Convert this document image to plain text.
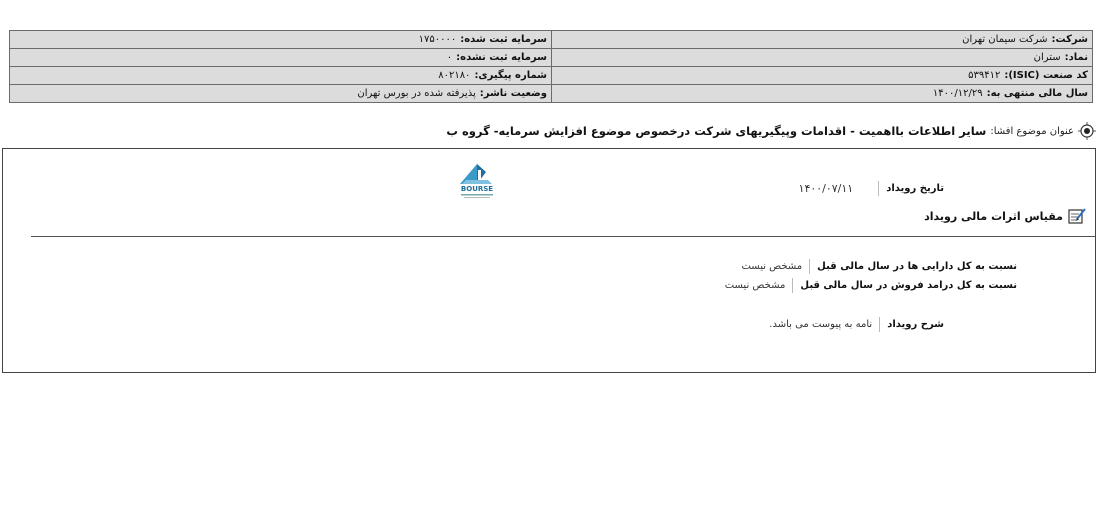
شرکت:شرکت سیمان تهران	سرمایه ثبت شده:۱۷۵۰۰۰۰
نماد:ستران	سرمایه ثبت نشده:۰
کد صنعت (ISIC):۵۳۹۴۱۲	شماره پیگیری:۸۰۲۱۸۰
سال مالی منتهی به:۱۴۰۰/۱۲/۲۹	وضعیت ناشر:پذیرفته شده در بورس تهران
عنوان موضوع افشا:
سایر اطلاعات بااهمیت - اقدامات وپیگیریهای شرکت درخصوص موضوع افزایش سرمایه- گروه ب
BOURSE	تاریخ رویداد
۱۴۰۰/۰۷/۱۱
مقیاس اثرات مالی رویداد
نسبت به کل دارایی ها در سال مالی قبل
مشخص نیست
نسبت به کل درامد فروش در سال مالی قبل
مشخص نیست
شرح رویداد
نامه به پیوست می باشد.
